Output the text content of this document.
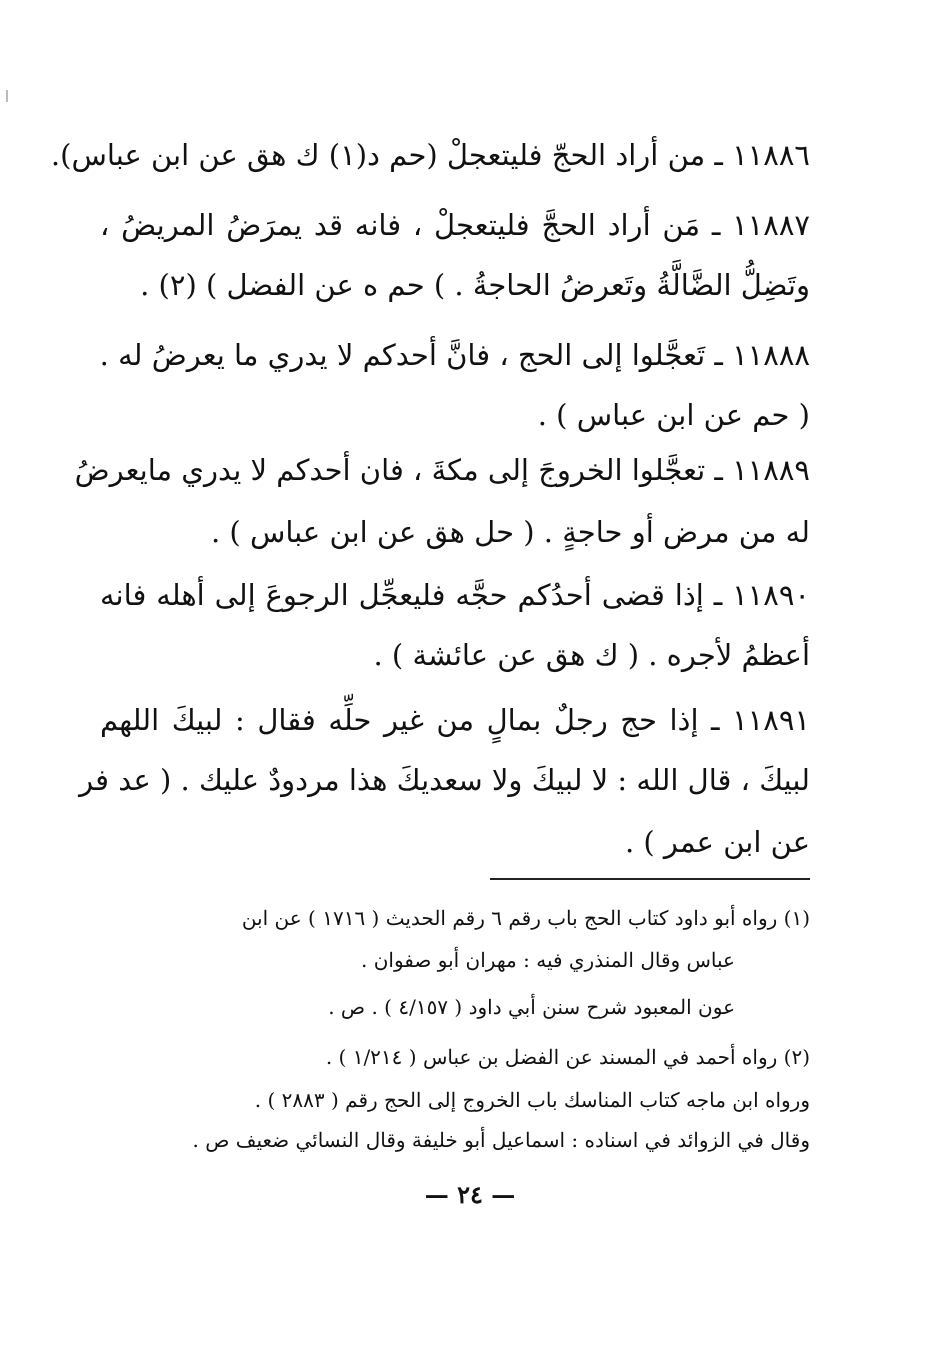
١١٨٨٦ ـ من أراد الحجّ فليتعجلْ (حم د(١) ك هق عن ابن عباس).
١١٨٨٧ ـ مَن أراد الحجَّ فليتعجلْ ، فانه قد يمرَضُ المريضُ ،
وتَضِلُّ الضَّالَّةُ وتَعرضُ الحاجةُ . ) حم ه عن الفضل ) (٢) .
١١٨٨٨ ـ تَعجَّلوا إلى الحج ، فانَّ أحدكم لا يدري ما يعرضُ له .
( حم عن ابن عباس ) .
١١٨٨٩ ـ تعجَّلوا الخروجَ إلى مكةَ ، فان أحدكم لا يدري مايعرضُ
له من مرض أو حاجةٍ . ( حل هق عن ابن عباس ) .
١١٨٩٠ ـ إذا قضى أحدُكم حجَّه فليعجِّل الرجوعَ إلى أهله فانه
أعظمُ لأجره . ( ك هق عن عائشة ) .
١١٨٩١ ـ إذا حج رجلٌ بمالٍ من غير حلِّه فقال : لبيكَ اللهم
لبيكَ ، قال الله : لا لبيكَ ولا سعديكَ هذا مردودٌ عليك . ( عد فر
عن ابن عمر ) .
(١) رواه أبو داود كتاب الحج باب رقم ٦ رقم الحديث ( ١٧١٦ ) عن ابن
عباس وقال المنذري فيه : مهران أبو صفوان .
عون المعبود شرح سنن أبي داود ( ٤/١٥٧ ) . ص .
(٢) رواه أحمد في المسند عن الفضل بن عباس ( ١/٢١٤ ) .
ورواه ابن ماجه كتاب المناسك باب الخروج إلى الحج رقم ( ٢٨٨٣ ) .
وقال في الزوائد في اسناده : اسماعيل أبو خليفة وقال النسائي ضعيف ص .
— ٢٤ —
